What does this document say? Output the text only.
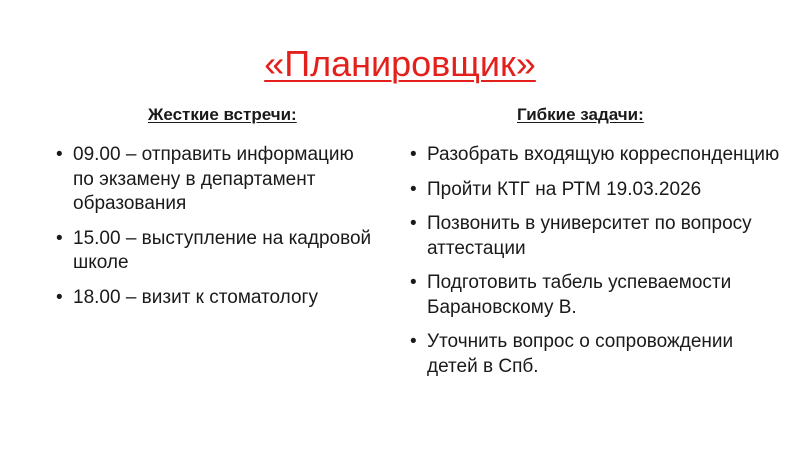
«Планировщик»
Жесткие встречи:	Гибкие задачи:
• 09.00 – отправить информацию по экзамену в департамент образования
• 15.00 – выступление на кадровой школе
• 18.00 – визит к стоматологу
• Разобрать входящую корреспонденцию
• Пройти КТГ на РТМ 19.03.2026
• Позвонить в университет по вопросу аттестации
• Подготовить табель успеваемости Барановскому В.
• Уточнить вопрос о сопровождении детей в Спб.
